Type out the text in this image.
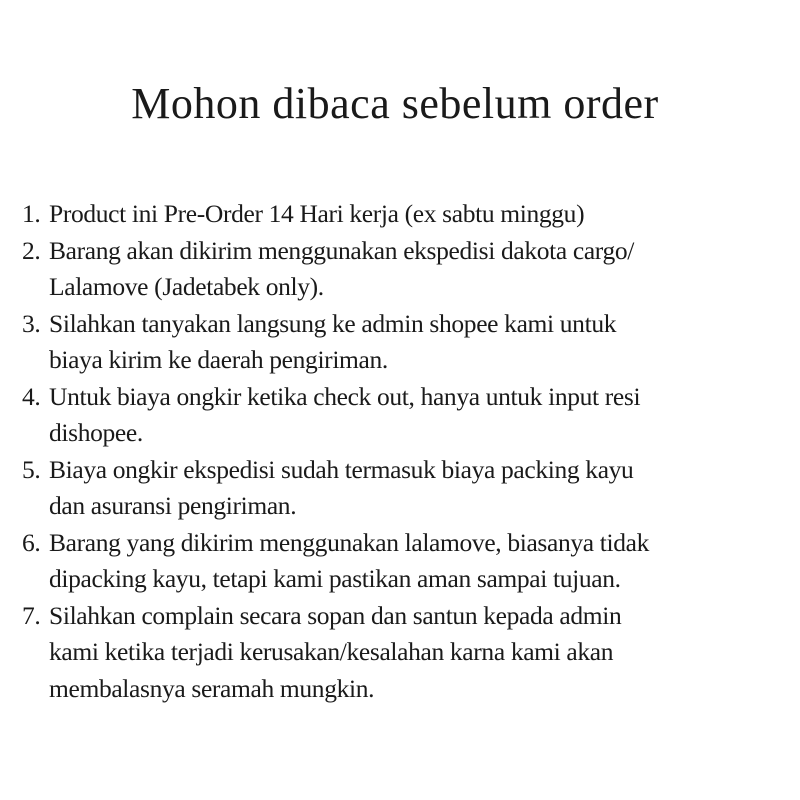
Mohon dibaca sebelum order
1. Product ini Pre-Order 14 Hari kerja (ex sabtu minggu)
2. Barang akan dikirim menggunakan ekspedisi dakota cargo/
Lalamove (Jadetabek only).
3. Silahkan tanyakan langsung ke admin shopee kami untuk
biaya kirim ke daerah pengiriman.
4. Untuk biaya ongkir ketika check out, hanya untuk input resi
dishopee.
5. Biaya ongkir ekspedisi sudah termasuk biaya packing kayu
dan asuransi pengiriman.
6. Barang yang dikirim menggunakan lalamove, biasanya tidak
dipacking kayu, tetapi kami pastikan aman sampai tujuan.
7. Silahkan complain secara sopan dan santun kepada admin
kami ketika terjadi kerusakan/kesalahan karna kami akan
membalasnya seramah mungkin.
